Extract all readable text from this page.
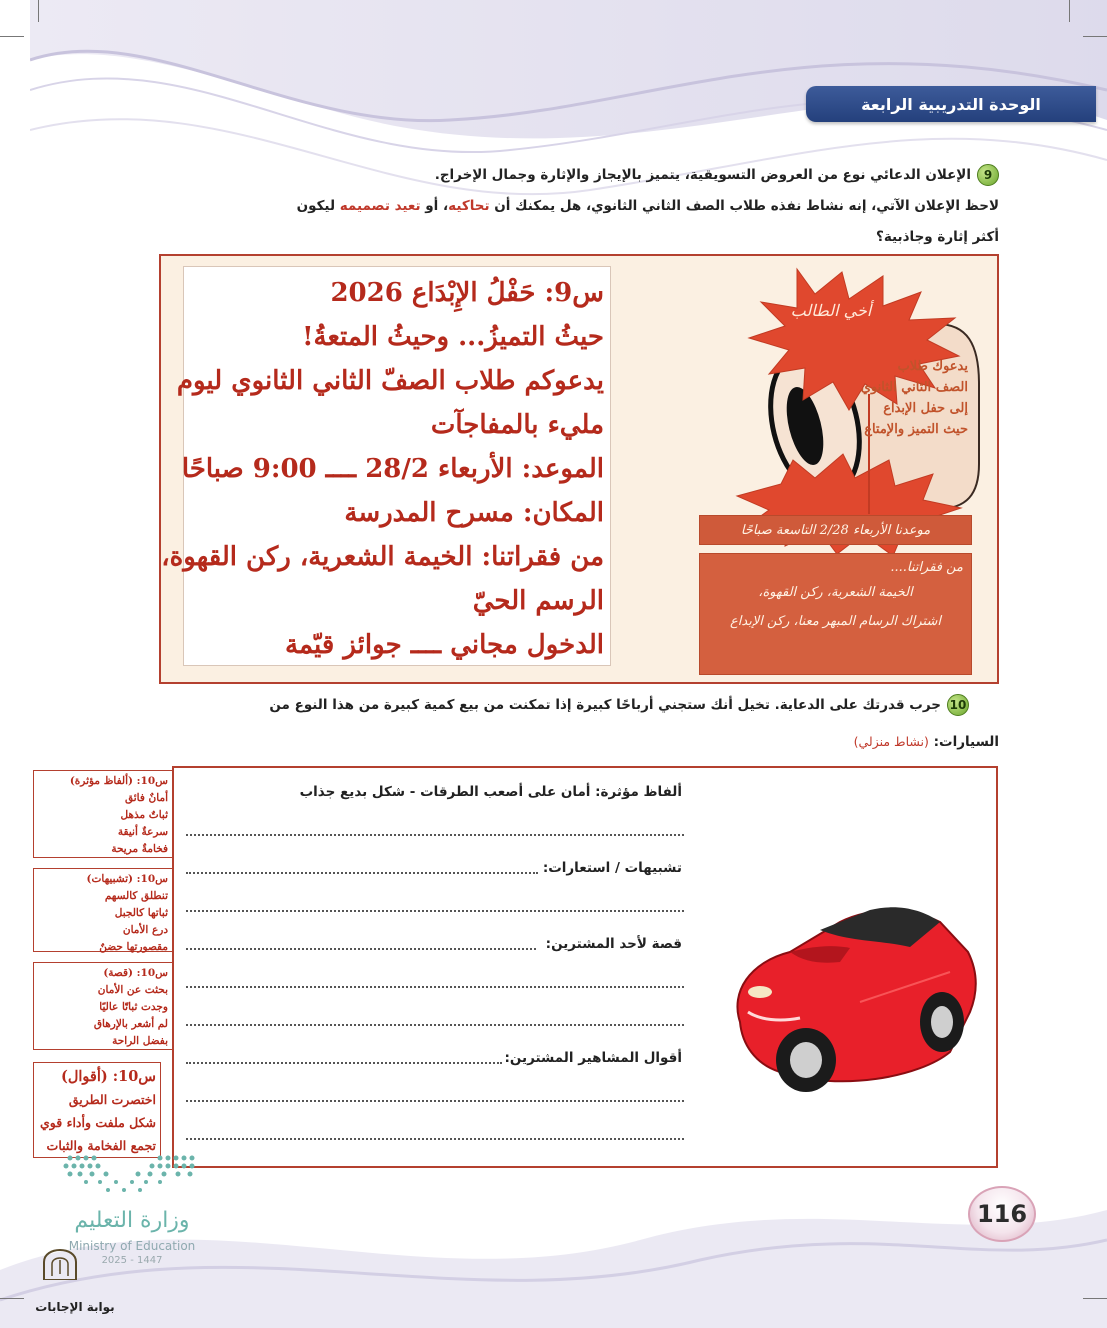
الوحدة التدريبية الرابعة
9الإعلان الدعائي نوع من العروض التسويقية، يتميز بالإيجاز والإثارة وجمال الإخراج.
لاحظ الإعلان الآتي، إنه نشاط نفذه طلاب الصف الثاني الثانوي، هل يمكنك أن تحاكيه، أو تعيد تصميمه ليكون
أكثر إثارة وجاذبية؟
س9: حَفْلُ الإِبْدَاع 2026
حيثُ التميزُ... وحيثُ المتعةُ!
يدعوكم طلاب الصفّ الثاني الثانوي ليوم
مليء بالمفاجآت
الموعد: الأربعاء 28/2 ــــ 9:00 صباحًا
المكان: مسرح المدرسة
من فقراتنا: الخيمة الشعرية، ركن القهوة،
الرسم الحيّ
الدخول مجاني ــــ جوائز قيّمة
أخي الطالب
يدعوك طلاب
الصف الثاني الثانوي
إلى حفل الإبداع
حيث التميز والإمتاع
موعدنا الأربعاء 2/28 التاسعة صباحًا
من فقراتنا....
الخيمة الشعرية، ركن القهوة،
اشتراك الرسام المبهر معنا، ركن الإبداع
10جرب قدرتك على الدعاية. تخيل أنك ستجني أرباحًا كبيرة إذا تمكنت من بيع كمية كبيرة من هذا النوع من
السيارات: (نشاط منزلي)
ألفاظ مؤثرة: أمان على أصعب الطرقات - شكل بديع جذاب
تشبيهات / استعارات:
قصة لأحد المشترين:
أقوال المشاهير المشترين:
س10: (ألفاظ مؤثرة)
أمانٌ فائق
ثباتٌ مذهل
سرعةٌ أنيقة
فخامةٌ مريحة
س10: (تشبيهات)
تنطلق كالسهم
ثباتها كالجبل
درع الأمان
مقصورتها حضنٌ
س10: (قصة)
بحثت عن الأمان
وجدت ثباتًا عاليًا
لم أشعر بالإرهاق
بفضل الراحة
س10: (أقوال)
اختصرت الطريق
شكل ملفت وأداء قوي
تجمع الفخامة والثبات
116
وزارة التعليم
Ministry of Education
2025 - 1447
بوابة الإجابات
